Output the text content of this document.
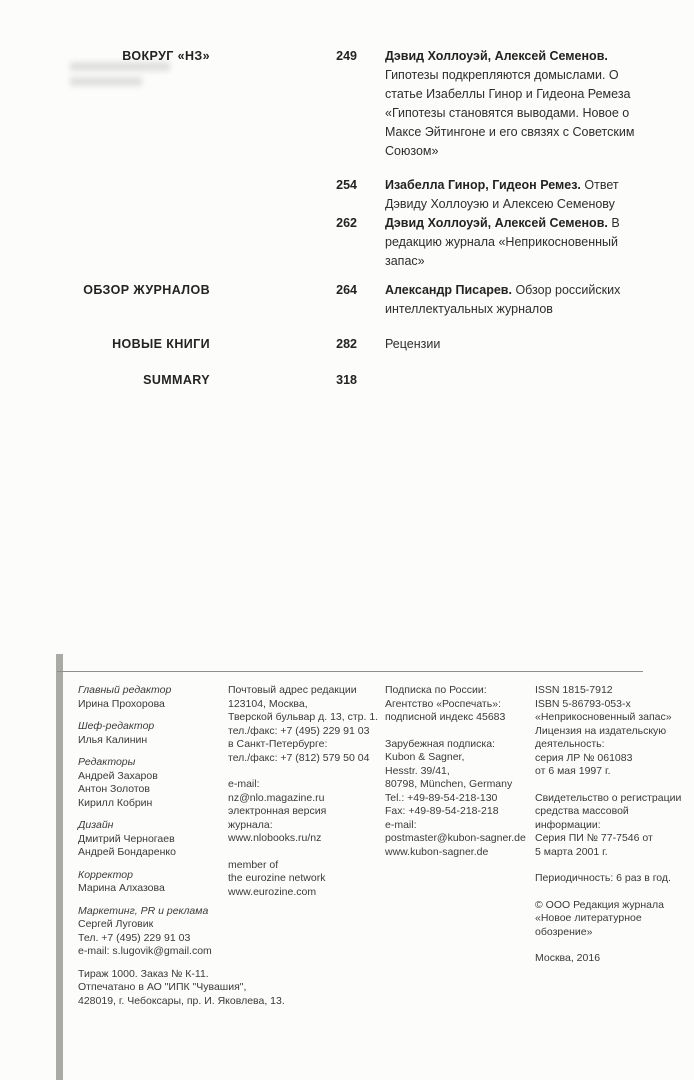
ВОКРУГ «НЗ»	249 Дэвид Холлоуэй, Алексей Семенов. Гипотезы подкрепляются домыслами. О статье Изабеллы Гинор и Гидеона Ремеза «Гипотезы становятся выводами. Новое о Максе Эйтингоне и его связях с Советским Союзом»
254 Изабелла Гинор, Гидеон Ремез. Ответ Дэвиду Холлоуэю и Алексею Семенову
262 Дэвид Холлоуэй, Алексей Семенов. В редакцию журнала «Неприкосновенный запас»
ОБЗОР ЖУРНАЛОВ	264 Александр Писарев. Обзор российских интеллектуальных журналов
НОВЫЕ КНИГИ	282 Рецензии
SUMMARY	318
Главный редактор
Ирина Прохорова
Шеф-редактор
Илья Калинин
Редакторы
Андрей Захаров
Антон Золотов
Кирилл Кобрин
Дизайн
Дмитрий Черногаев
Андрей Бондаренко
Корректор
Марина Алхазова
Маркетинг, PR и реклама
Сергей Луговик
Тел. +7 (495) 229 91 03
e-mail: s.lugovik@gmail.com
Тираж 1000. Заказ № К-11.
Отпечатано в АО "ИПК "Чувашия",
428019, г. Чебоксары, пр. И. Яковлева, 13.
Почтовый адрес редакции
123104, Москва,
Тверской бульвар д. 13, стр. 1.
тел./факс: +7 (495) 229 91 03
в Санкт-Петербурге:
тел./факс: +7 (812) 579 50 04
e-mail:
nz@nlo.magazine.ru
электронная версия
журнала:
www.nlobooks.ru/nz
member of
the eurozine network
www.eurozine.com
Подписка по России:
Агентство «Роспечать»:
подписной индекс 45683
Зарубежная подписка:
Kubon & Sagner,
Hesstr. 39/41,
80798, München, Germany
Tel.: +49-89-54-218-130
Fax: +49-89-54-218-218
e-mail:
postmaster@kubon-sagner.de
www.kubon-sagner.de
ISSN 1815-7912
ISBN 5-86793-053-x
«Неприкосновенный запас»
Лицензия на издательскую
деятельность:
серия ЛР № 061083
от 6 мая 1997 г.
Свидетельство о регистрации
средства массовой
информации:
Серия ПИ № 77-7546 от
5 марта 2001 г.
Периодичность: 6 раз в год.
© ООО Редакция журнала
«Новое литературное
обозрение»
Москва, 2016
